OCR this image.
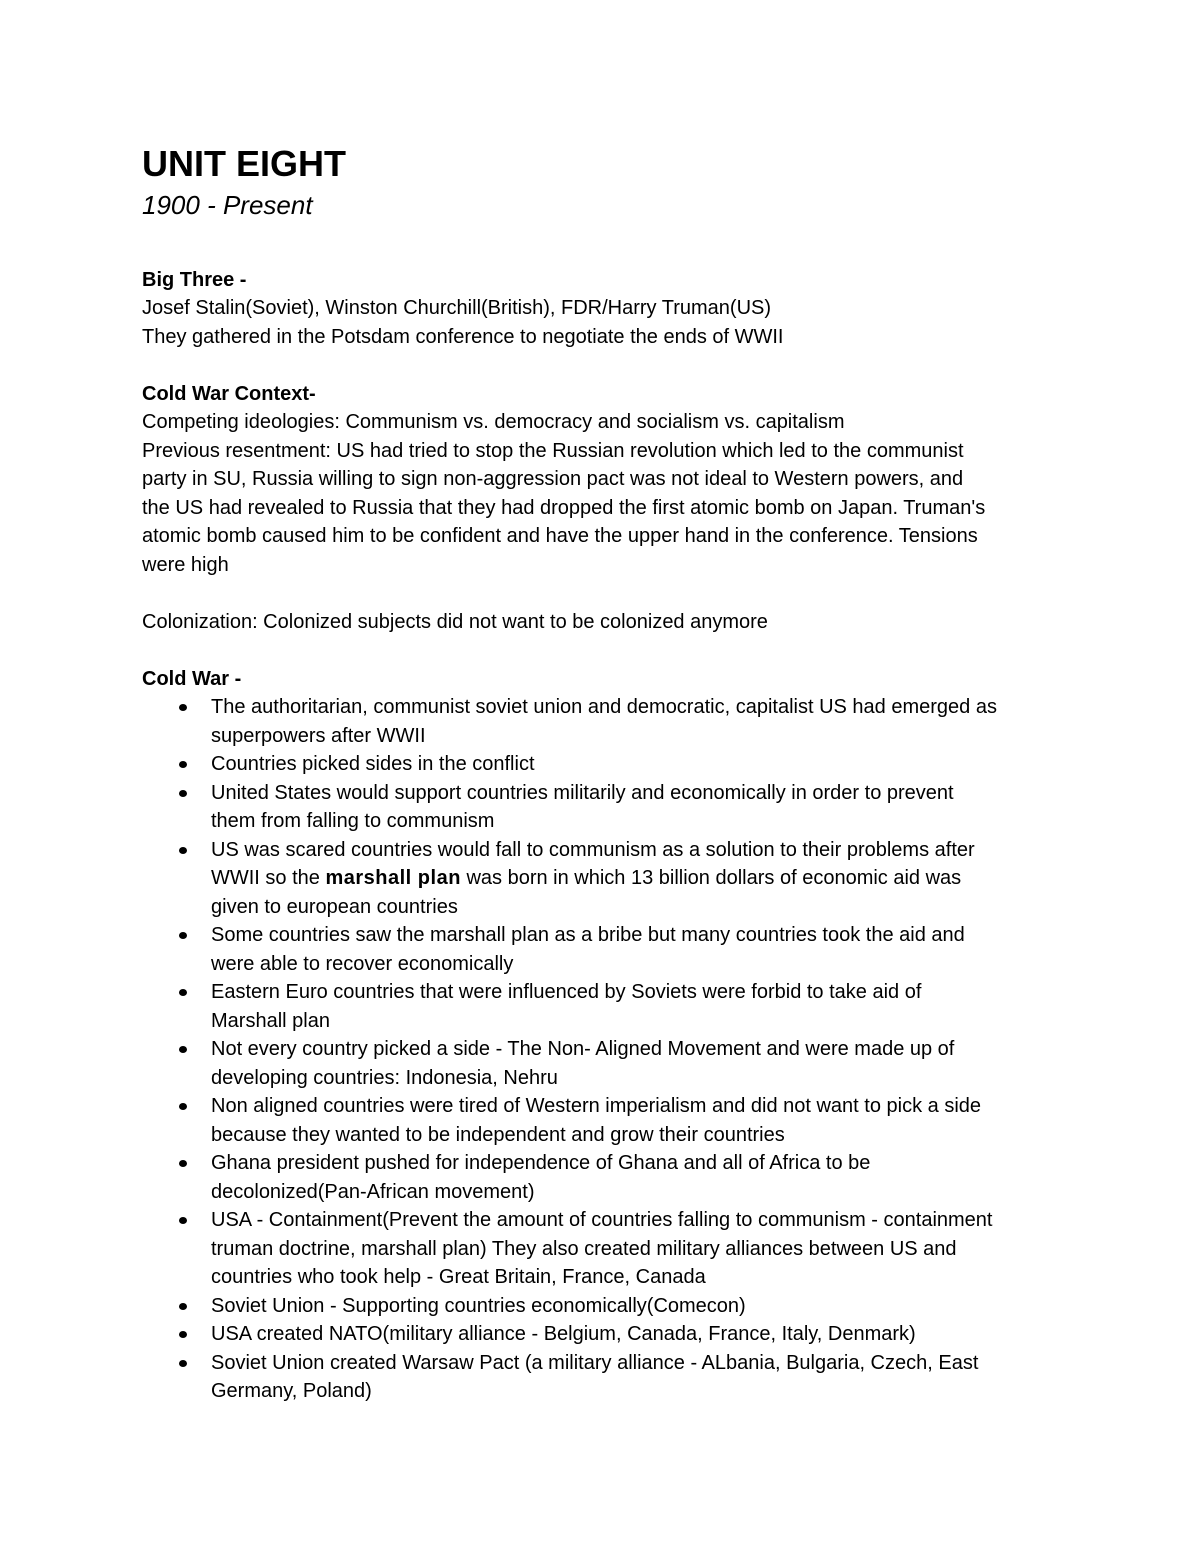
UNIT EIGHT
1900 - Present
Big Three -
Josef Stalin(Soviet), Winston Churchill(British), FDR/Harry Truman(US)
They gathered in the Potsdam conference to negotiate the ends of WWII
Cold War Context-
Competing ideologies: Communism vs. democracy and socialism vs. capitalism
Previous resentment: US had tried to stop the Russian revolution which led to the communist
party in SU, Russia willing to sign non-aggression pact was not ideal to Western powers, and
the US had revealed to Russia that they had dropped the first atomic bomb on Japan. Truman's
atomic bomb caused him to be confident and have the upper hand in the conference. Tensions
were high
Colonization: Colonized subjects did not want to be colonized anymore
Cold War -
The authoritarian, communist soviet union and democratic, capitalist US had emerged as
superpowers after WWII
Countries picked sides in the conflict
United States would support countries militarily and economically in order to prevent
them from falling to communism
US was scared countries would fall to communism as a solution to their problems after
WWII so the marshall plan was born in which 13 billion dollars of economic aid was
given to european countries
Some countries saw the marshall plan as a bribe but many countries took the aid and
were able to recover economically
Eastern Euro countries that were influenced by Soviets were forbid to take aid of
Marshall plan
Not every country picked a side - The Non- Aligned Movement and were made up of
developing countries: Indonesia, Nehru
Non aligned countries were tired of Western imperialism and did not want to pick a side
because they wanted to be independent and grow their countries
Ghana president pushed for independence of Ghana and all of Africa to be
decolonized(Pan-African movement)
USA - Containment(Prevent the amount of countries falling to communism - containment
truman doctrine, marshall plan) They also created military alliances between US and
countries who took help - Great Britain, France, Canada
Soviet Union - Supporting countries economically(Comecon)
USA created NATO(military alliance - Belgium, Canada, France, Italy, Denmark)
Soviet Union created Warsaw Pact (a military alliance - ALbania, Bulgaria, Czech, East
Germany, Poland)
